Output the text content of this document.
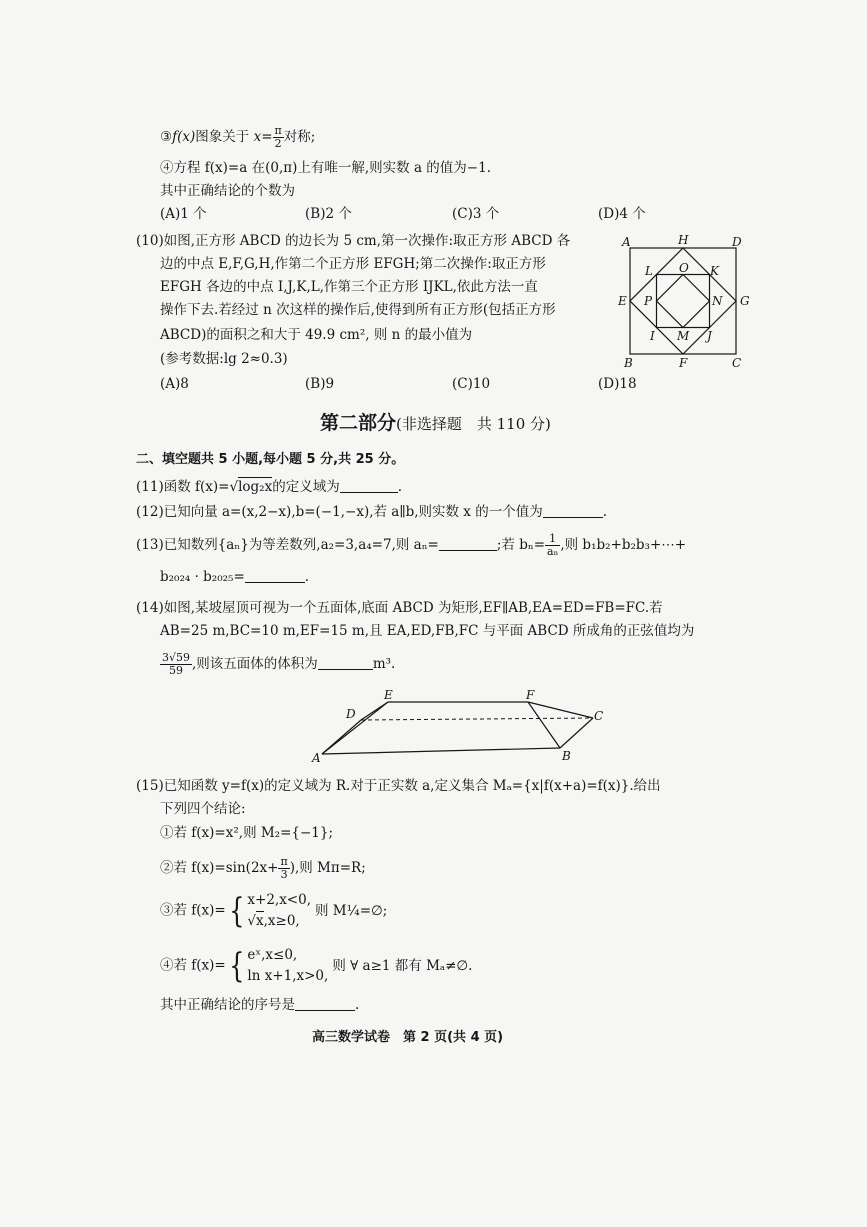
③f(x)图象关于 $x= \frac{\pi}{2}$ 对称;
④方程 f(x)=a 在(0,π)上有唯一解,则实数 a 的值为−1.
其中正确结论的个数为
(A)1 个	(B)2 个	(C)3 个	(D)4 个
(10)如图,正方形 ABCD 的边长为 5 cm,第一次操作:取正方形 ABCD 各
边的中点 E,F,G,H,作第二个正方形 EFGH;第二次操作:取正方形
EFGH 各边的中点 I,J,K,L,作第三个正方形 IJKL,依此方法一直
操作下去.若经过 n 次这样的操作后,使得到所有正方形(包括正方形
ABCD)的面积之和大于 49.9 cm², 则 n 的最小值为
(参考数据:lg 2≈0.3)
(A)8	(B)9	(C)10	(D)18
A	H	D
L O K
E P	N G
I M J
B	F	C
第二部分(非选择题　共 110 分)
二、填空题共 5 小题,每小题 5 分,共 25 分。
(11)函数 f(x)=√log₂x的定义域为	.
(12)已知向量 a=(x,2−x),b=(−1,−x),若 a∥b,则实数 x 的一个值为	.
(13)已知数列{aₙ}为等差数列,a₂=3,a₄=7,则 aₙ=	;若 $b_n= \frac{1}{\text{aₙ}}$ ,则 b₁b₂+b₂b₃+⋯+
b₂₀₂₄ · b₂₀₂₅=	.
(14)如图,某坡屋顶可视为一个五面体,底面 ABCD 为矩形,EF∥AB,EA=ED=FB=FC.若
AB=25 m,BC=10 m,EF=15 m,且 EA,ED,FB,FC 与平面 ABCD 所成角的正弦值均为
$\frac{3√59}{59}$ ,则该五面体的体积为	m³.
A	B
C
D
E	F
(15)已知函数 y=f(x)的定义域为 R.对于正实数 a,定义集合 Mₐ={x|f(x+a)=f(x)}.给出
下列四个结论:
①若 f(x)=x²,则 M₂={−1};
②若 $f(x)=\sin(2x+ \frac{\pi}{3}$ ),则 Mπ=R;
③若 f(x)={ x+2,x<0,
√x,x≥0,则 M¼=∅;
④若 f(x)={ eˣ,x≤0,
ln x+1,x>0,则 ∀ a≥1 都有 Mₐ≠∅.
其中正确结论的序号是	.
高三数学试卷　第 2 页(共 4 页)
